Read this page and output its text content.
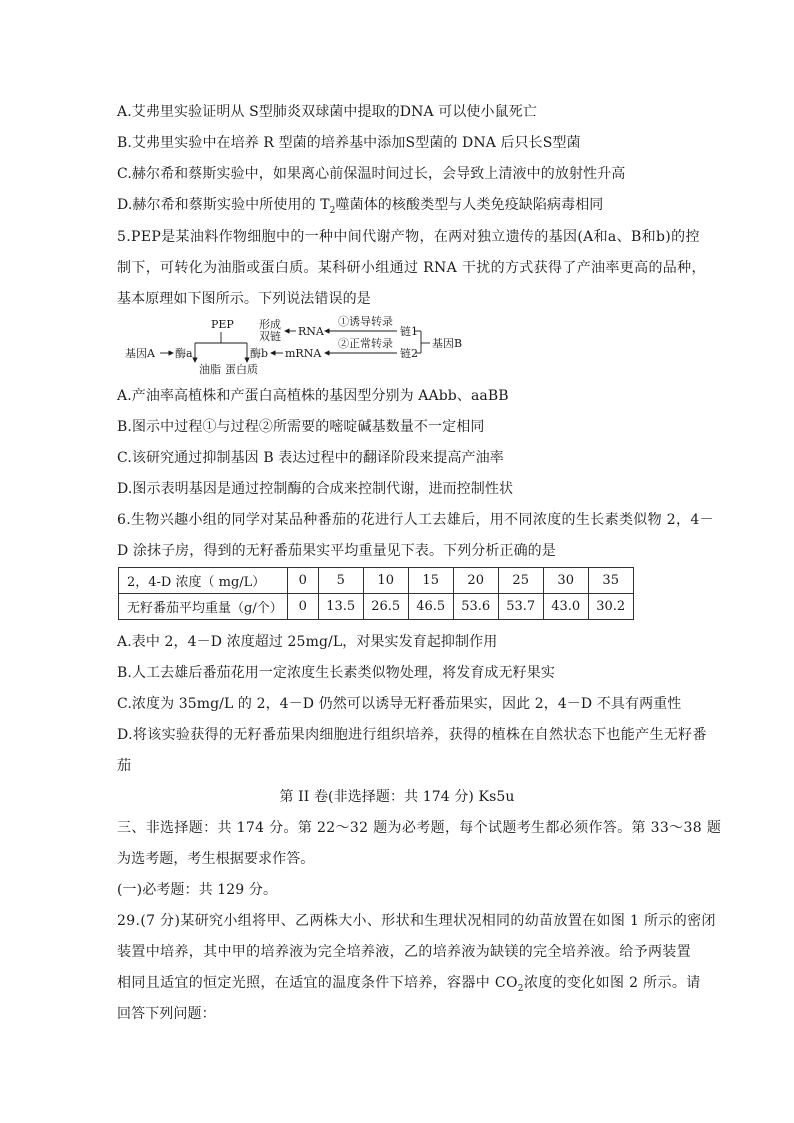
A.艾弗里实验证明从 S型肺炎双球菌中提取的DNA 可以使小鼠死亡
B.艾弗里实验中在培养 R 型菌的培养基中添加S型菌的 DNA 后只长S型菌
C.赫尔希和蔡斯实验中，如果离心前保温时间过长，会导致上清液中的放射性升高
D.赫尔希和蔡斯实验中所使用的 $T_2$噬菌体的核酸类型与人类免疫缺陷病毒相同
5.PEP是某油料作物细胞中的一种中间代谢产物，在两对独立遗传的基因(A和a、B和b)的控
制下，可转化为油脂或蛋白质。某科研小组通过 RNA 干扰的方式获得了产油率更高的品种，
基本原理如下图所示。下列说法错误的是
PEP 形成
双链 RNA
①诱导转录
链1
②正常转录
基因A 酶a	酶b mRNA	链2
基因B
油脂 蛋白质
A.产油率高植株和产蛋白高植株的基因型分别为 AAbb、aaBB
B.图示中过程①与过程②所需要的嘧啶碱基数量不一定相同
C.该研究通过抑制基因 B 表达过程中的翻译阶段来提高产油率
D.图示表明基因是通过控制酶的合成来控制代谢，进而控制性状
6.生物兴趣小组的同学对某品种番茄的花进行人工去雄后，用不同浓度的生长素类似物 2，4－
D 涂抹子房，得到的无籽番茄果实平均重量见下表。下列分析正确的是
2，4-D 浓度（ mg/L）	0	5	10	15	20	25	30	35
无籽番茄平均重量（g/个）	0	13.5	26.5	46.5	53.6	53.7	43.0	30.2
A.表中 2，4－D 浓度超过 25mg/L，对果实发育起抑制作用
B.人工去雄后番茄花用一定浓度生长素类似物处理，将发育成无籽果实
C.浓度为 35mg/L 的 2，4－D 仍然可以诱导无籽番茄果实，因此 2，4－D 不具有两重性
D.将该实验获得的无籽番茄果肉细胞进行组织培养，获得的植株在自然状态下也能产生无籽番
茄
第 II 卷(非选择题：共 174 分) Ks5u
三、非选择题：共 174 分。第 22～32 题为必考题，每个试题考生都必须作答。第 33～38 题
为选考题，考生根据要求作答。
(一)必考题：共 129 分。
29.(7 分)某研究小组将甲、乙两株大小、形状和生理状况相同的幼苗放置在如图 1 所示的密闭
装置中培养，其中甲的培养液为完全培养液，乙的培养液为缺镁的完全培养液。给予两装置
相同且适宜的恒定光照，在适宜的温度条件下培养，容器中 $CO_2$浓度的变化如图 2 所示。请
回答下列问题：
